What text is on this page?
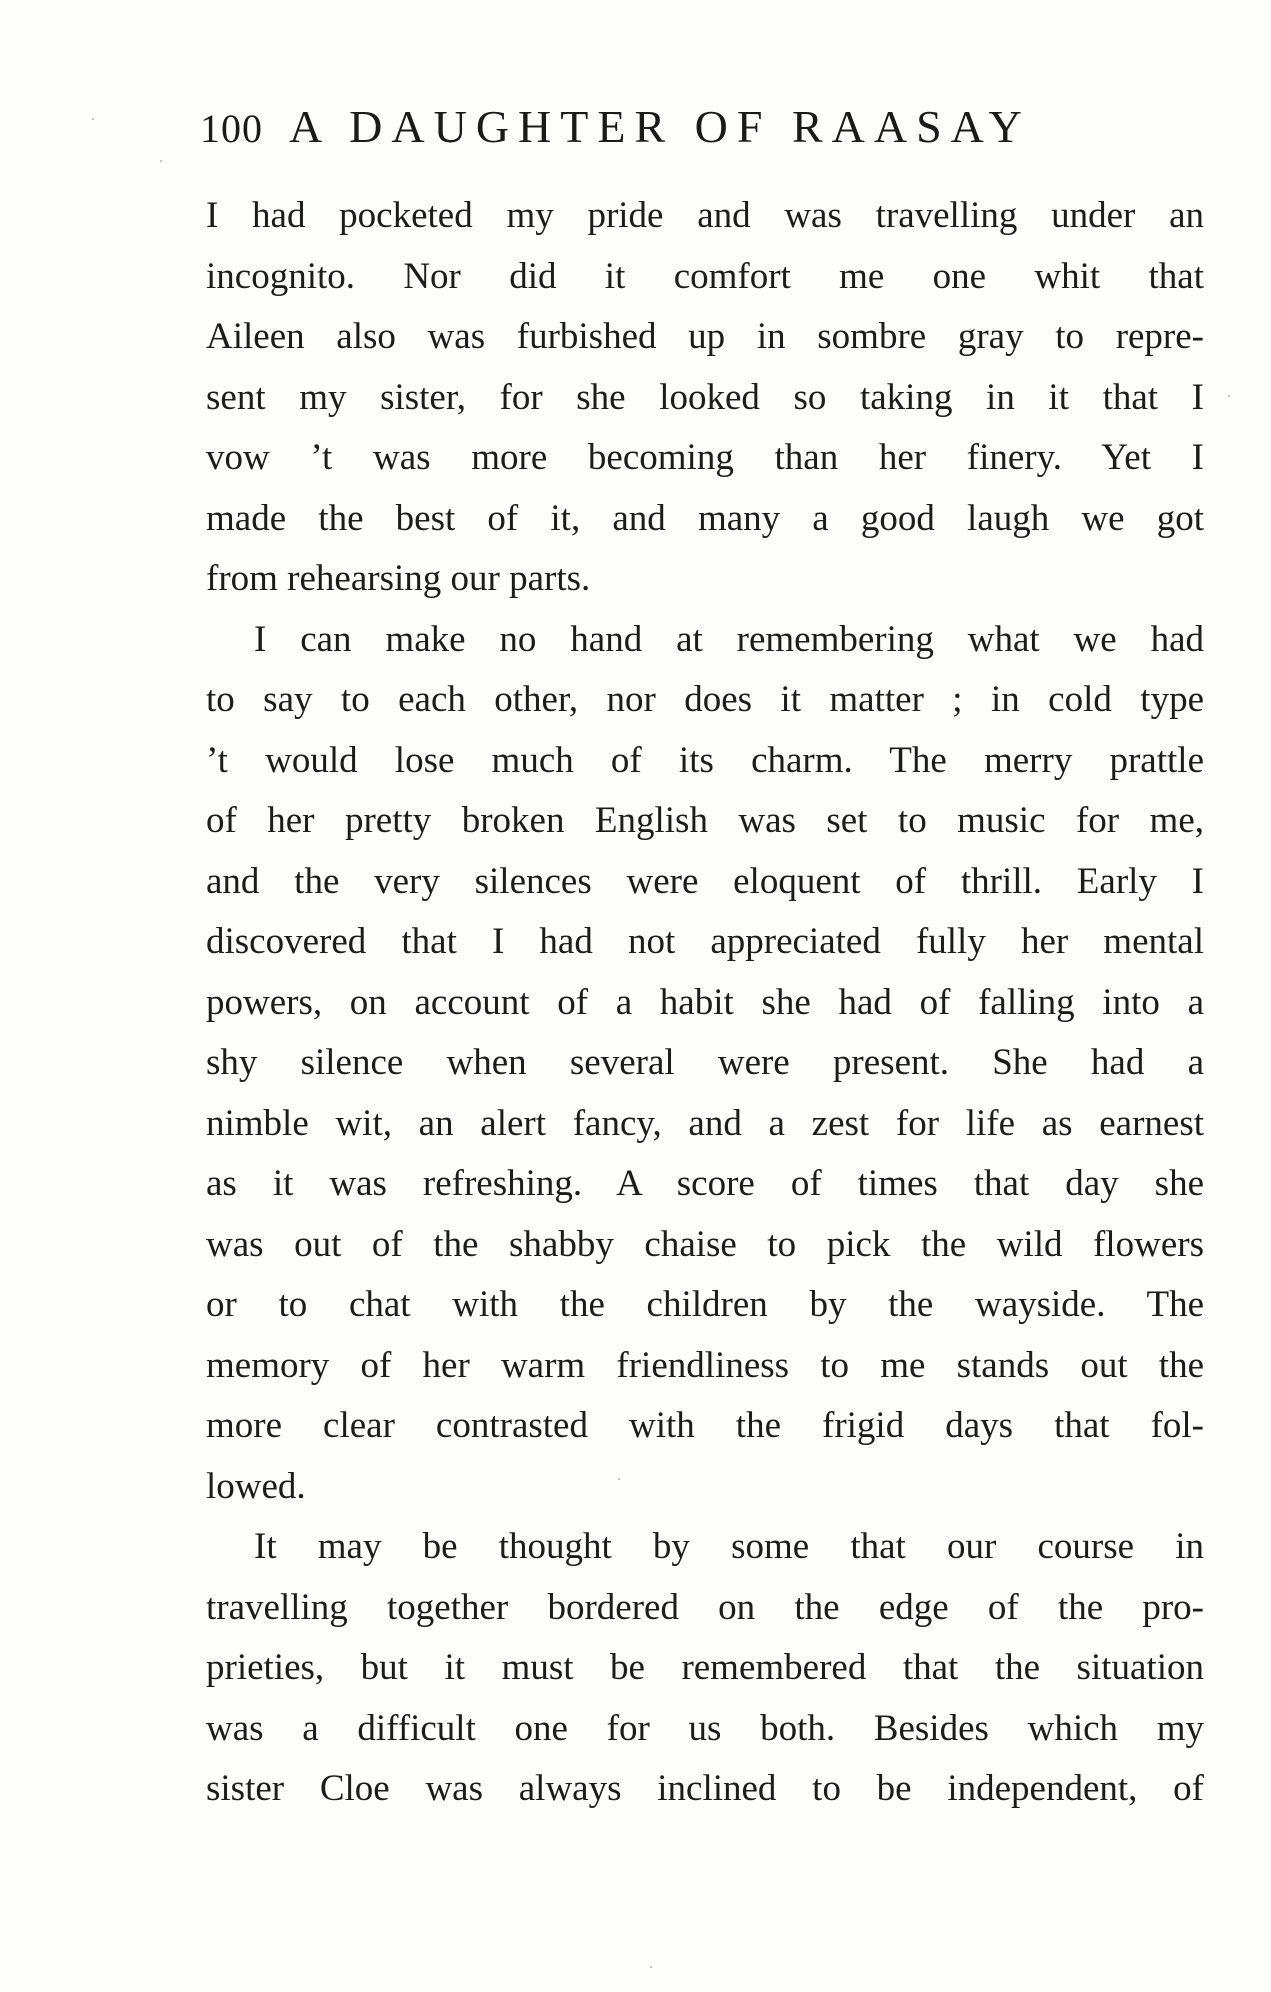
100 A DAUGHTER OF RAASAY
I had pocketed my pride and was travelling under an
incognito. Nor did it comfort me one whit that
Aileen also was furbished up in sombre gray to repre-
sent my sister, for she looked so taking in it that I
vow ’t was more becoming than her finery. Yet I
made the best of it, and many a good laugh we got
from rehearsing our parts.
I can make no hand at remembering what we had
to say to each other, nor does it matter ; in cold type
’t would lose much of its charm. The merry prattle
of her pretty broken English was set to music for me,
and the very silences were eloquent of thrill. Early I
discovered that I had not appreciated fully her mental
powers, on account of a habit she had of falling into a
shy silence when several were present. She had a
nimble wit, an alert fancy, and a zest for life as earnest
as it was refreshing. A score of times that day she
was out of the shabby chaise to pick the wild flowers
or to chat with the children by the wayside. The
memory of her warm friendliness to me stands out the
more clear contrasted with the frigid days that fol-
lowed.
It may be thought by some that our course in
travelling together bordered on the edge of the pro-
prieties, but it must be remembered that the situation
was a difficult one for us both. Besides which my
sister Cloe was always inclined to be independent, of
